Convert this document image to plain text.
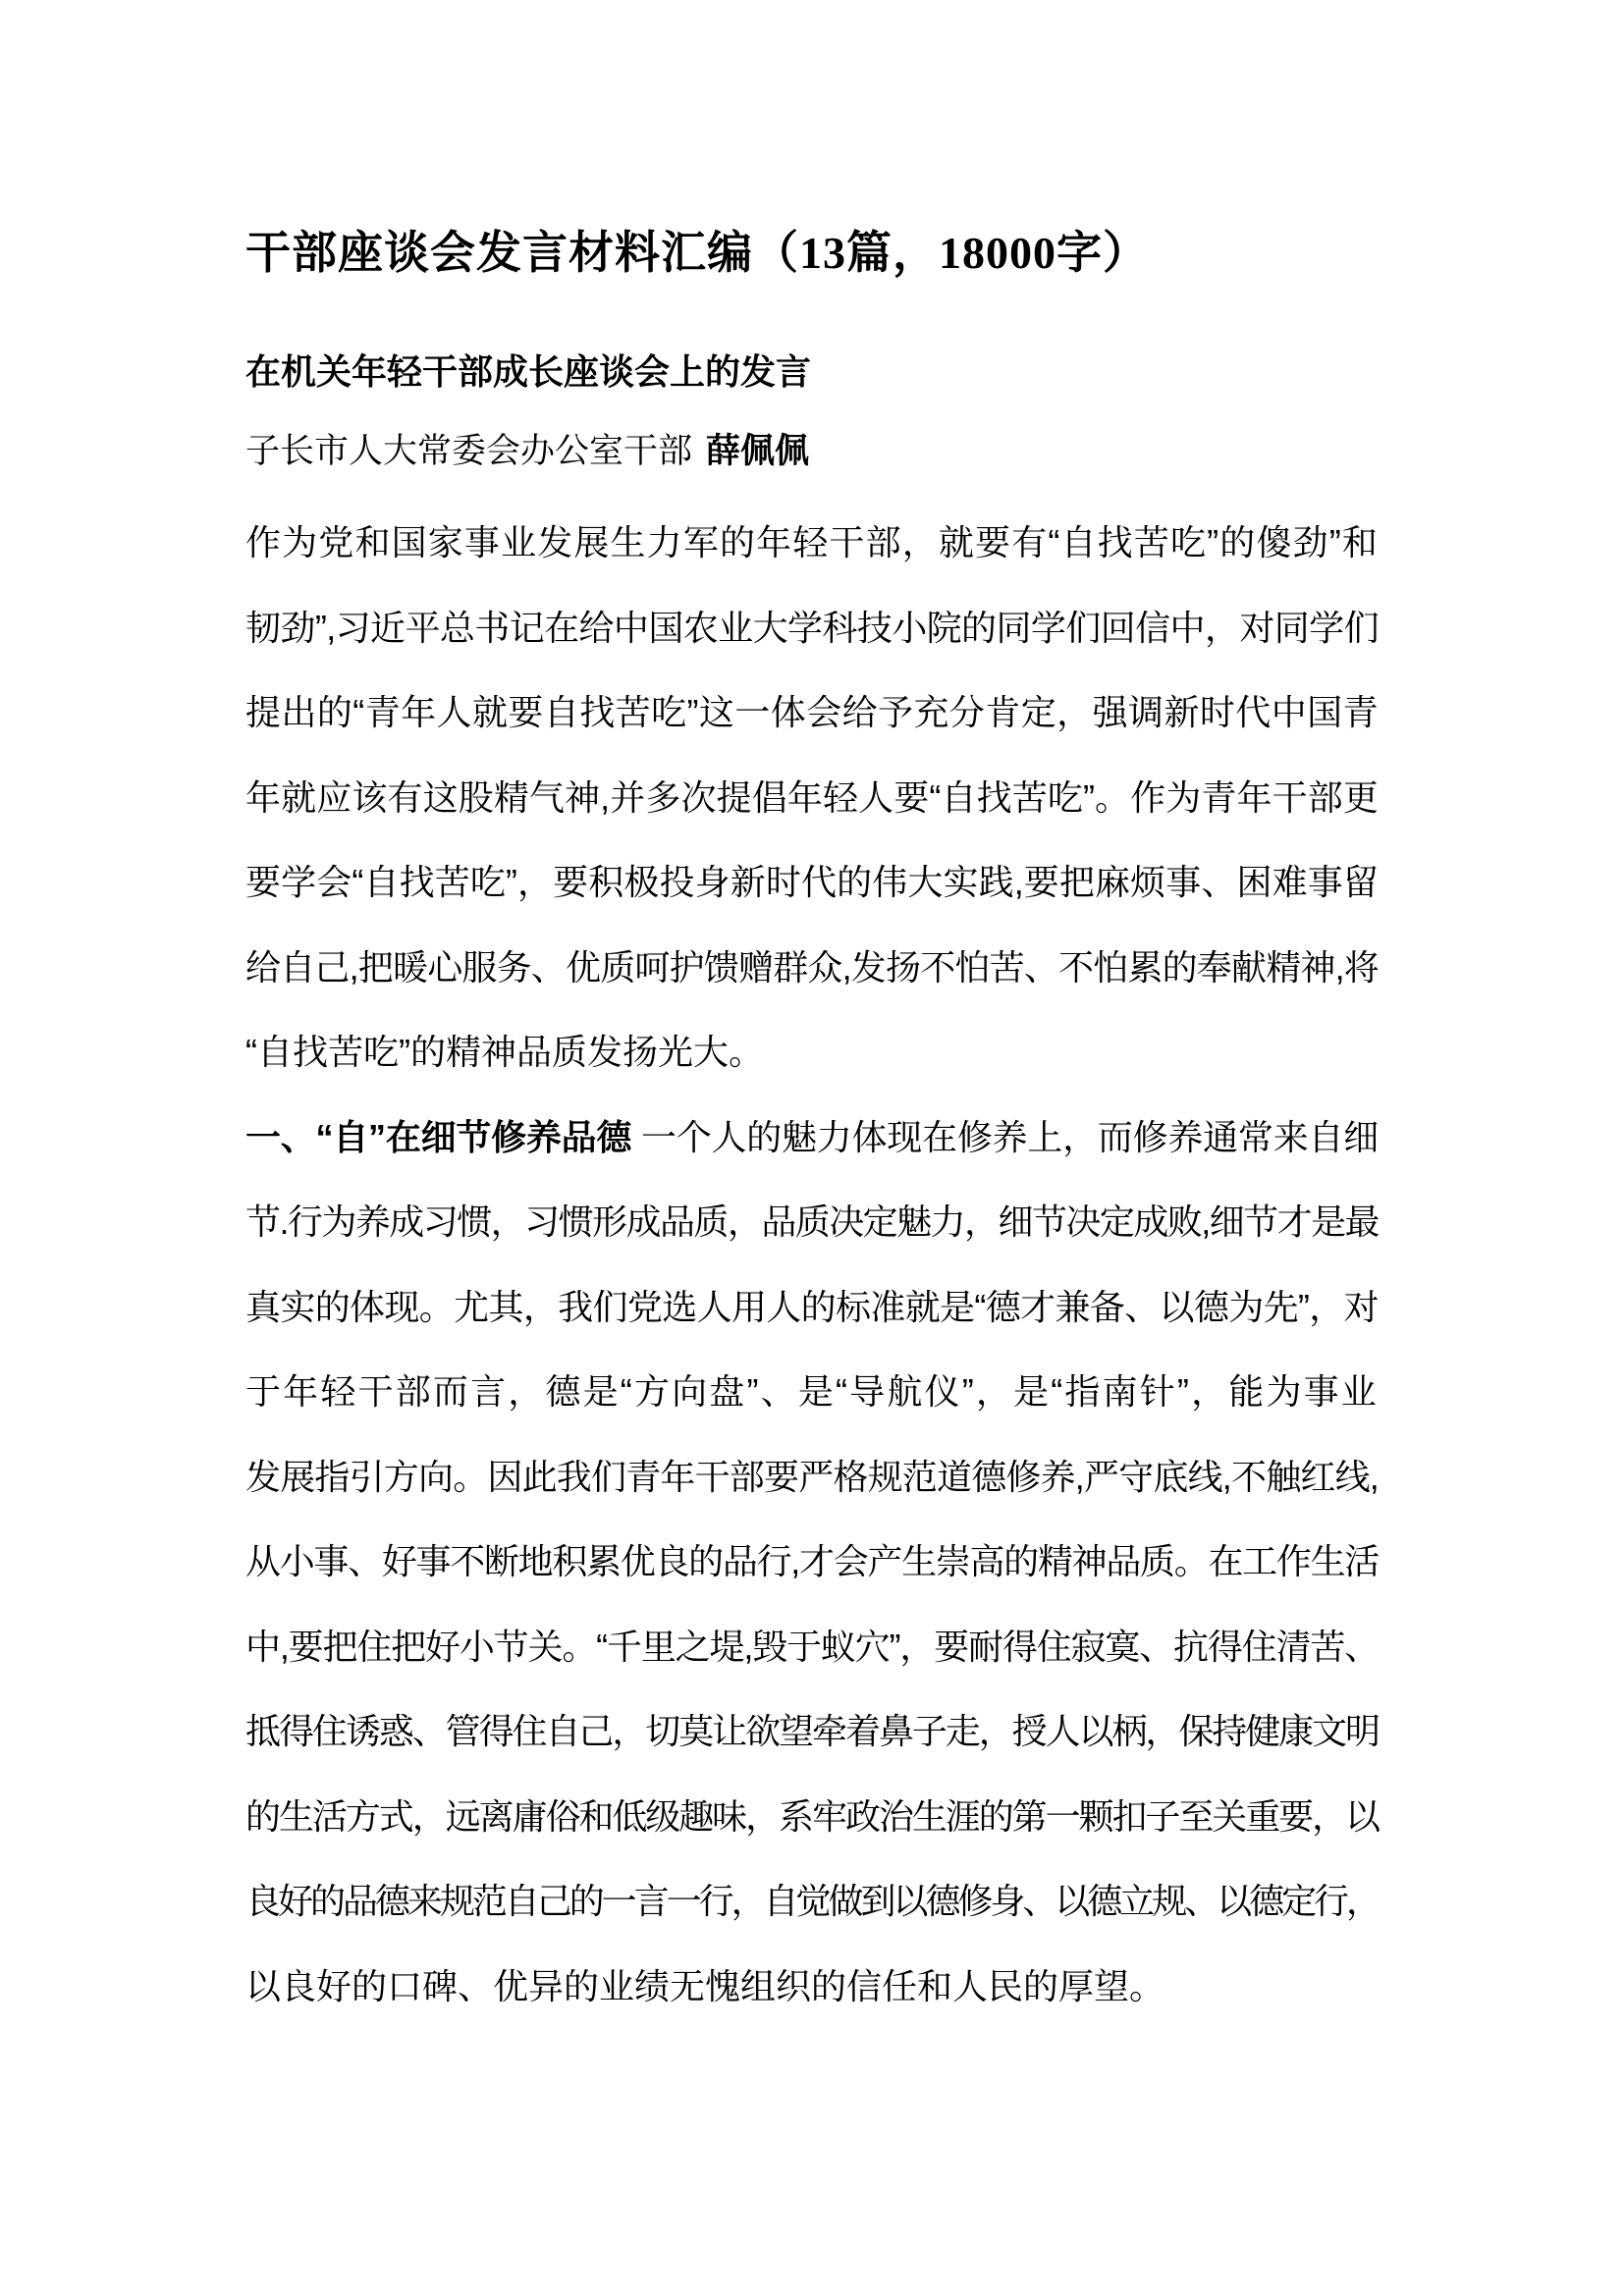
干部座谈会发言材料汇编（13篇，18000字）
在机关年轻干部成长座谈会上的发言

子长市人大常委会办公室干部 薛佩佩

作为党和国家事业发展生力军的年轻干部，就要有“自找苦吃”的傻劲”和
韧劲”,习近平总书记在给中国农业大学科技小院的同学们回信中，对同学们
提出的“青年人就要自找苦吃”这一体会给予充分肯定，强调新时代中国青
年就应该有这股精气神,并多次提倡年轻人要“自找苦吃”。作为青年干部更
要学会“自找苦吃”，要积极投身新时代的伟大实践,要把麻烦事、困难事留
给自己,把暖心服务、优质呵护馈赠群众,发扬不怕苦、不怕累的奉献精神,将
“自找苦吃”的精神品质发扬光大。
一、“自”在细节修养品德 一个人的魅力体现在修养上，而修养通常来自细
节.行为养成习惯，习惯形成品质，品质决定魅力，细节决定成败,细节才是最
真实的体现。尤其，我们党选人用人的标准就是“德才兼备、以德为先”，对
于年轻干部而言，德是“方向盘”、是“导航仪”，是“指南针”，能为事业
发展指引方向。因此我们青年干部要严格规范道德修养,严守底线,不触红线,
从小事、好事不断地积累优良的品行,才会产生崇高的精神品质。在工作生活
中,要把住把好小节关。“千里之堤,毁于蚁穴”，要耐得住寂寞、抗得住清苦、
抵得住诱惑、管得住自己，切莫让欲望牵着鼻子走，授人以柄，保持健康文明
的生活方式，远离庸俗和低级趣味，系牢政治生涯的第一颗扣子至关重要，以
良好的品德来规范自己的一言一行，自觉做到以德修身、以德立规、以德定行，
以良好的口碑、优异的业绩无愧组织的信任和人民的厚望。
